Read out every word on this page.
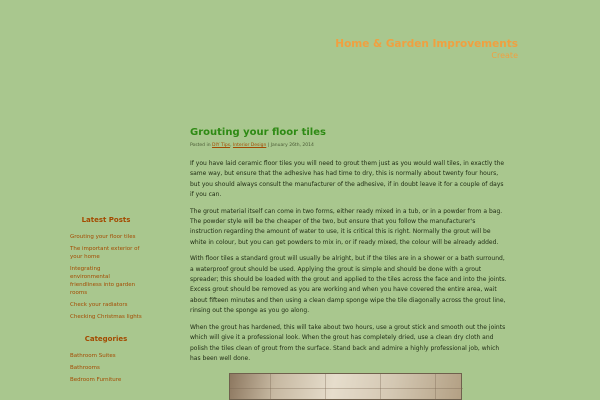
Home & Garden Improvements
Create
Latest Posts
Grouting your floor tiles
The important exterior of your home
Integrating environmental friendliness into garden rooms
Check your radiators
Checking Christmas lights
Categories
Bathroom Suites
Bathrooms
Bedroom Furniture
Grouting your floor tiles
Posted in DIY Tips, Interior Design | January 26th, 2014

If you have laid ceramic floor tiles you will need to grout them just as you would wall tiles, in exactly the same way, but ensure that the adhesive has had time to dry, this is normally about twenty four hours, but you should always consult the manufacturer of the adhesive, if in doubt leave it for a couple of days if you can.

The grout material itself can come in two forms, either ready mixed in a tub, or in a powder from a bag. The powder style will be the cheaper of the two, but ensure that you follow the manufacturer's instruction regarding the amount of water to use, it is critical this is right. Normally the grout will be white in colour, but you can get powders to mix in, or if ready mixed, the colour will be already added.

With floor tiles a standard grout will usually be alright, but if the tiles are in a shower or a bath surround, a waterproof grout should be used. Applying the grout is simple and should be done with a grout spreader; this should be loaded with the grout and applied to the tiles across the face and into the joints. Excess grout should be removed as you are working and when you have covered the entire area, wait about fifteen minutes and then using a clean damp sponge wipe the tile diagonally across the grout line, rinsing out the sponge as you go along.

When the grout has hardened, this will take about two hours, use a grout stick and smooth out the joints which will give it a professional look. When the grout has completely dried, use a clean dry cloth and polish the tiles clean of grout from the surface. Stand back and admire a highly professional job, which has been well done.
